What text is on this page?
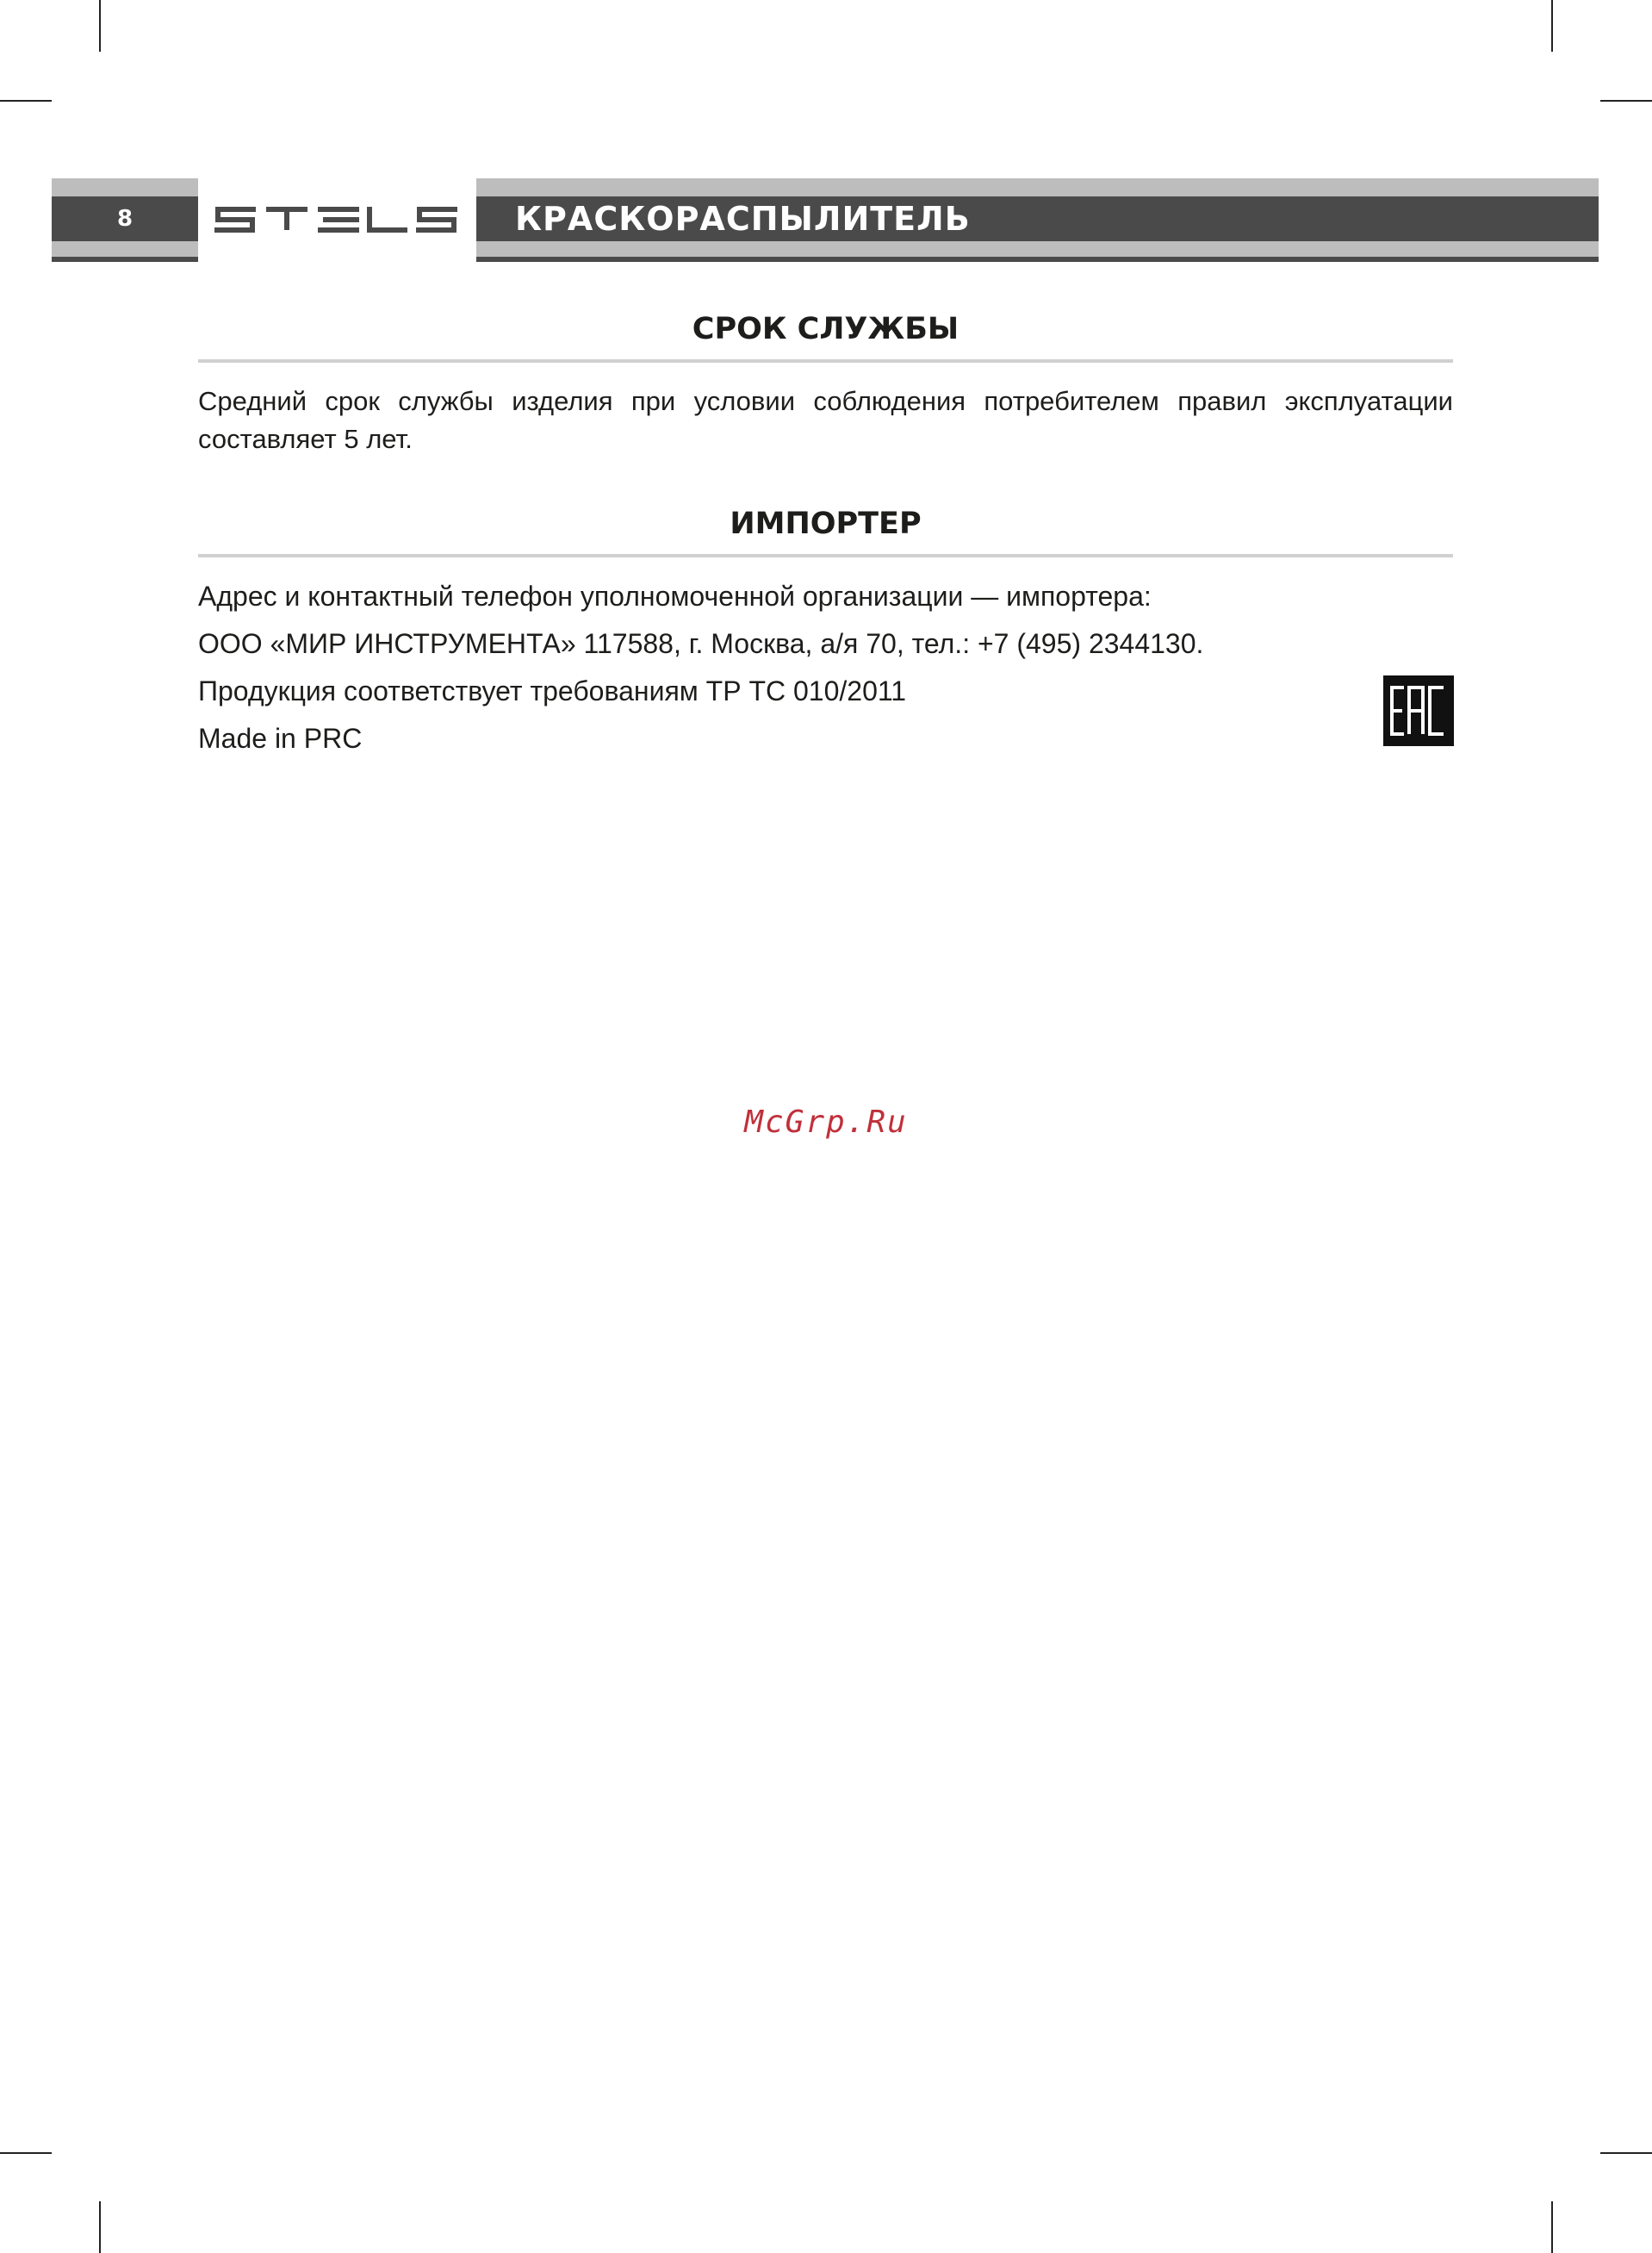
8	КРАСКОРАСПЫЛИТЕЛЬ
СРОК СЛУЖБЫ
Средний срок службы изделия при условии соблюдения потребителем правил эксплуатации составляет 5 лет.
ИМПОРТЕР
Адрес и контактный телефон уполномоченной организации — импортера:
ООО «МИР ИНСТРУМЕНТА» 117588, г. Москва, а/я 70, тел.: +7 (495) 2344130.
Продукция соответствует требованиям ТР ТС 010/2011
Made in PRC
McGrp.Ru
